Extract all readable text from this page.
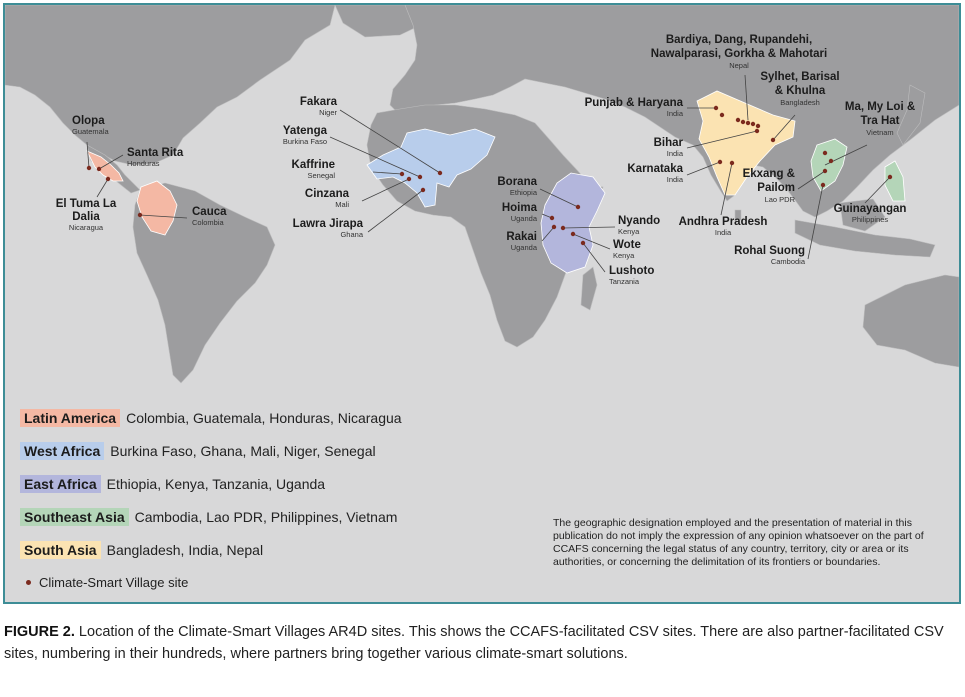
Olopa
Guatemala
Santa Rita
Honduras
El Tuma La Dalia
Nicaragua
Cauca
Colombia
Fakara
Niger
Yatenga
Burkina Faso
Kaffrine
Senegal
Cinzana
Mali
Lawra Jirapa
Ghana
Borana
Ethiopia
Hoima
Uganda
Rakai
Uganda
Nyando
Kenya
Wote
Kenya
Lushoto
Tanzania
Bardiya, Dang, Rupandehi, Nawalparasi, Gorkha & Mahotari
Nepal
Punjab & Haryana
India
Bihar
India
Karnataka
India
Andhra Pradesh
India
Sylhet, Barisal & Khulna
Bangladesh	Ma, My Loi & Tra Hat
Vietnam
Ekxang & Pailom
Lao PDR
Guinayangan
Philippines
Rohal Suong
Cambodia
Latin America Colombia, Guatemala, Honduras, Nicaragua
West Africa Burkina Faso, Ghana, Mali, Niger, Senegal
East Africa Ethiopia, Kenya, Tanzania, Uganda
Southeast Asia Cambodia, Lao PDR, Philippines, Vietnam
South Asia Bangladesh, India, Nepal
Climate-Smart Village site
The geographic designation employed and the presentation of material in this publication do not imply the expression of any opinion whatsoever on the part of CCAFS concerning the legal status of any country, territory, city or area or its authorities, or concerning the delimitation of its frontiers or boundaries.
FIGURE 2. Location of the Climate-Smart Villages AR4D sites. This shows the CCAFS-facilitated CSV sites. There are also partner-facilitated CSV sites, numbering in their hundreds, where partners bring together various climate-smart solutions.
